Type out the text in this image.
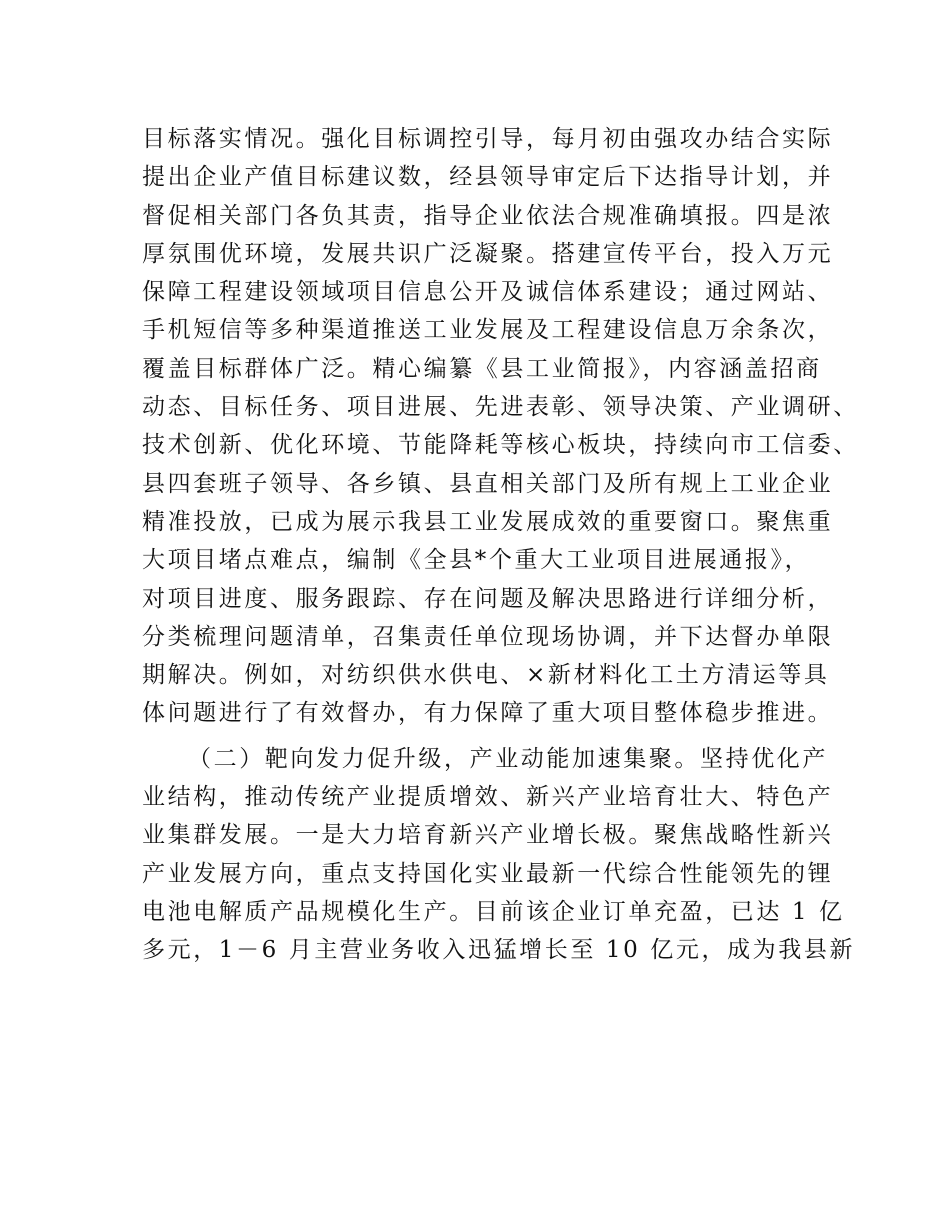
目标落实情况。强化目标调控引导，每月初由强攻办结合实际
提出企业产值目标建议数，经县领导审定后下达指导计划，并
督促相关部门各负其责，指导企业依法合规准确填报。四是浓
厚氛围优环境，发展共识广泛凝聚。搭建宣传平台，投入万元
保障工程建设领域项目信息公开及诚信体系建设；通过网站、
手机短信等多种渠道推送工业发展及工程建设信息万余条次，
覆盖目标群体广泛。精心编纂《县工业简报》，内容涵盖招商
动态、目标任务、项目进展、先进表彰、领导决策、产业调研、
技术创新、优化环境、节能降耗等核心板块，持续向市工信委、
县四套班子领导、各乡镇、县直相关部门及所有规上工业企业
精准投放，已成为展示我县工业发展成效的重要窗口。聚焦重
大项目堵点难点，编制《全县*个重大工业项目进展通报》，
对项目进度、服务跟踪、存在问题及解决思路进行详细分析，
分类梳理问题清单，召集责任单位现场协调，并下达督办单限
期解决。例如，对纺织供水供电、×新材料化工土方清运等具
体问题进行了有效督办，有力保障了重大项目整体稳步推进。
（二）靶向发力促升级，产业动能加速集聚。坚持优化产
业结构，推动传统产业提质增效、新兴产业培育壮大、特色产
业集群发展。一是大力培育新兴产业增长极。聚焦战略性新兴
产业发展方向，重点支持国化实业最新一代综合性能领先的锂
电池电解质产品规模化生产。目前该企业订单充盈，已达 1 亿
多元，1－6 月主营业务收入迅猛增长至 10 亿元，成为我县新
